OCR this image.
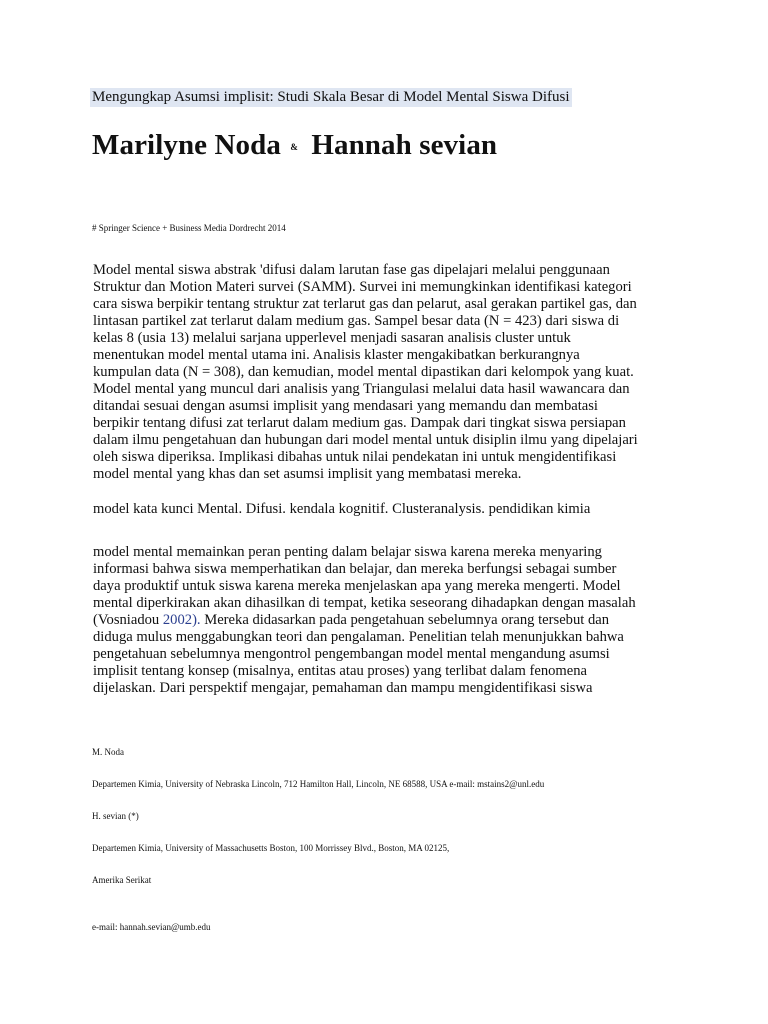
Mengungkap Asumsi implisit: Studi Skala Besar di Model Mental Siswa Difusi
Marilyne Noda & Hannah sevian
# Springer Science + Business Media Dordrecht 2014
Model mental siswa abstrak 'difusi dalam larutan fase gas dipelajari melalui penggunaan
Struktur dan Motion Materi survei (SAMM). Survei ini memungkinkan identifikasi kategori
cara siswa berpikir tentang struktur zat terlarut gas dan pelarut, asal gerakan partikel gas, dan
lintasan partikel zat terlarut dalam medium gas. Sampel besar data (N = 423) dari siswa di
kelas 8 (usia 13) melalui sarjana upperlevel menjadi sasaran analisis cluster untuk
menentukan model mental utama ini. Analisis klaster mengakibatkan berkurangnya
kumpulan data (N = 308), dan kemudian, model mental dipastikan dari kelompok yang kuat.
Model mental yang muncul dari analisis yang Triangulasi melalui data hasil wawancara dan
ditandai sesuai dengan asumsi implisit yang mendasari yang memandu dan membatasi
berpikir tentang difusi zat terlarut dalam medium gas. Dampak dari tingkat siswa persiapan
dalam ilmu pengetahuan dan hubungan dari model mental untuk disiplin ilmu yang dipelajari
oleh siswa diperiksa. Implikasi dibahas untuk nilai pendekatan ini untuk mengidentifikasi
model mental yang khas dan set asumsi implisit yang membatasi mereka.
model kata kunci Mental. Difusi. kendala kognitif. Clusteranalysis. pendidikan kimia
model mental memainkan peran penting dalam belajar siswa karena mereka menyaring
informasi bahwa siswa memperhatikan dan belajar, dan mereka berfungsi sebagai sumber
daya produktif untuk siswa karena mereka menjelaskan apa yang mereka mengerti. Model
mental diperkirakan akan dihasilkan di tempat, ketika seseorang dihadapkan dengan masalah
(Vosniadou 2002). Mereka didasarkan pada pengetahuan sebelumnya orang tersebut dan
diduga mulus menggabungkan teori dan pengalaman. Penelitian telah menunjukkan bahwa
pengetahuan sebelumnya mengontrol pengembangan model mental mengandung asumsi
implisit tentang konsep (misalnya, entitas atau proses) yang terlibat dalam fenomena
dijelaskan. Dari perspektif mengajar, pemahaman dan mampu mengidentifikasi siswa
M. Noda
Departemen Kimia, University of Nebraska Lincoln, 712 Hamilton Hall, Lincoln, NE 68588, USA e-mail: mstains2@unl.edu
H. sevian (*)
Departemen Kimia, University of Massachusetts Boston, 100 Morrissey Blvd., Boston, MA 02125,
Amerika Serikat
e-mail: hannah.sevian@umb.edu
